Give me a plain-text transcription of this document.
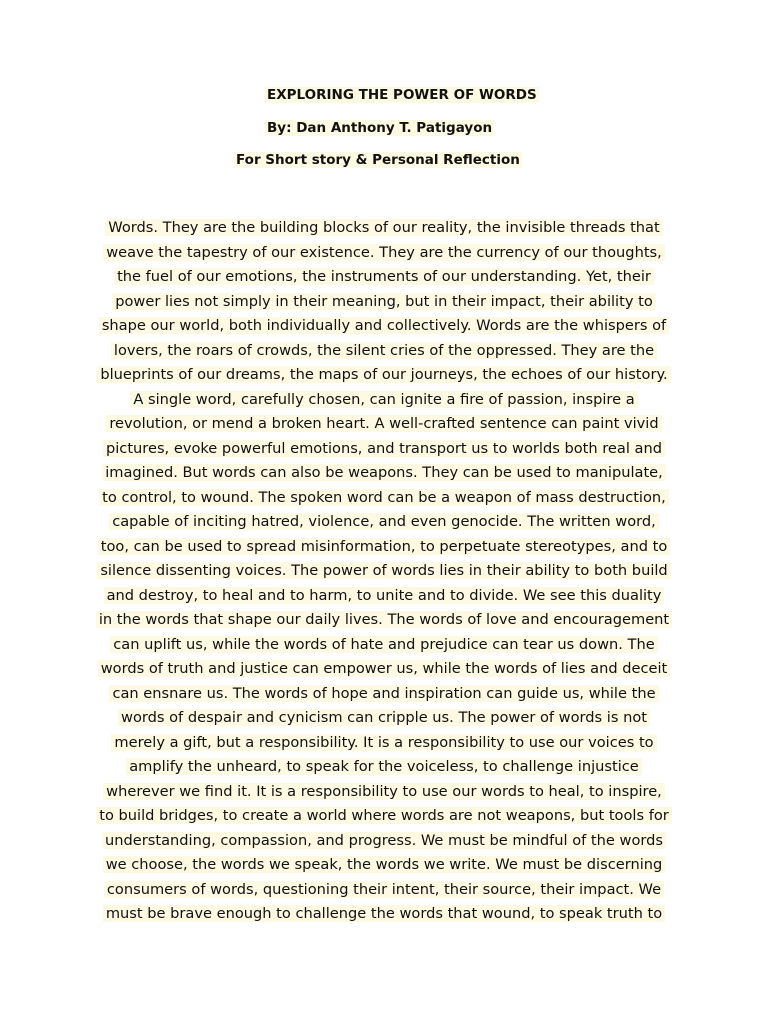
EXPLORING THE POWER OF WORDS
By: Dan Anthony T. Patigayon
For Short story & Personal Reflection
Words. They are the building blocks of our reality, the invisible threads that
weave the tapestry of our existence. They are the currency of our thoughts,
the fuel of our emotions, the instruments of our understanding. Yet, their
power lies not simply in their meaning, but in their impact, their ability to
shape our world, both individually and collectively. Words are the whispers of
lovers, the roars of crowds, the silent cries of the oppressed. They are the
blueprints of our dreams, the maps of our journeys, the echoes of our history.
A single word, carefully chosen, can ignite a fire of passion, inspire a
revolution, or mend a broken heart. A well-crafted sentence can paint vivid
pictures, evoke powerful emotions, and transport us to worlds both real and
imagined. But words can also be weapons. They can be used to manipulate,
to control, to wound. The spoken word can be a weapon of mass destruction,
capable of inciting hatred, violence, and even genocide. The written word,
too, can be used to spread misinformation, to perpetuate stereotypes, and to
silence dissenting voices. The power of words lies in their ability to both build
and destroy, to heal and to harm, to unite and to divide. We see this duality
in the words that shape our daily lives. The words of love and encouragement
can uplift us, while the words of hate and prejudice can tear us down. The
words of truth and justice can empower us, while the words of lies and deceit
can ensnare us. The words of hope and inspiration can guide us, while the
words of despair and cynicism can cripple us. The power of words is not
merely a gift, but a responsibility. It is a responsibility to use our voices to
amplify the unheard, to speak for the voiceless, to challenge injustice
wherever we find it. It is a responsibility to use our words to heal, to inspire,
to build bridges, to create a world where words are not weapons, but tools for
understanding, compassion, and progress. We must be mindful of the words
we choose, the words we speak, the words we write. We must be discerning
consumers of words, questioning their intent, their source, their impact. We
must be brave enough to challenge the words that wound, to speak truth to
